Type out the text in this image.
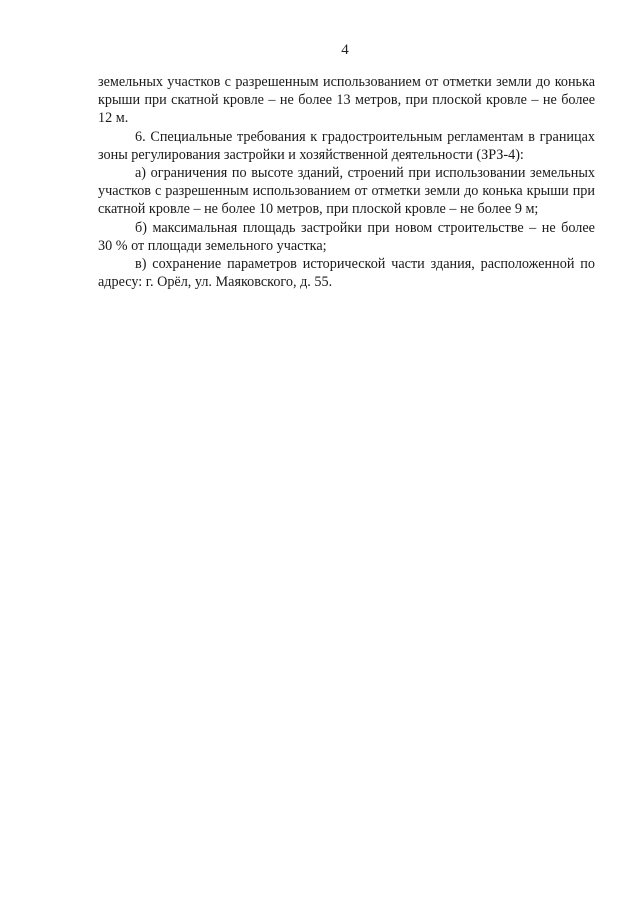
4

земельных участков с разрешенным использованием от отметки земли до конька крыши при скатной кровле – не более 13 метров, при плоской кровле – не более 12 м.

6. Специальные требования к градостроительным регламентам в границах зоны регулирования застройки и хозяйственной деятельности (ЗРЗ-4):

а) ограничения по высоте зданий, строений при использовании земельных участков с разрешенным использованием от отметки земли до конька крыши при скатной кровле – не более 10 метров, при плоской кровле – не более 9 м;

б) максимальная площадь застройки при новом строительстве – не более 30 % от площади земельного участка;

в) сохранение параметров исторической части здания, расположенной по адресу: г. Орёл, ул. Маяковского, д. 55.
